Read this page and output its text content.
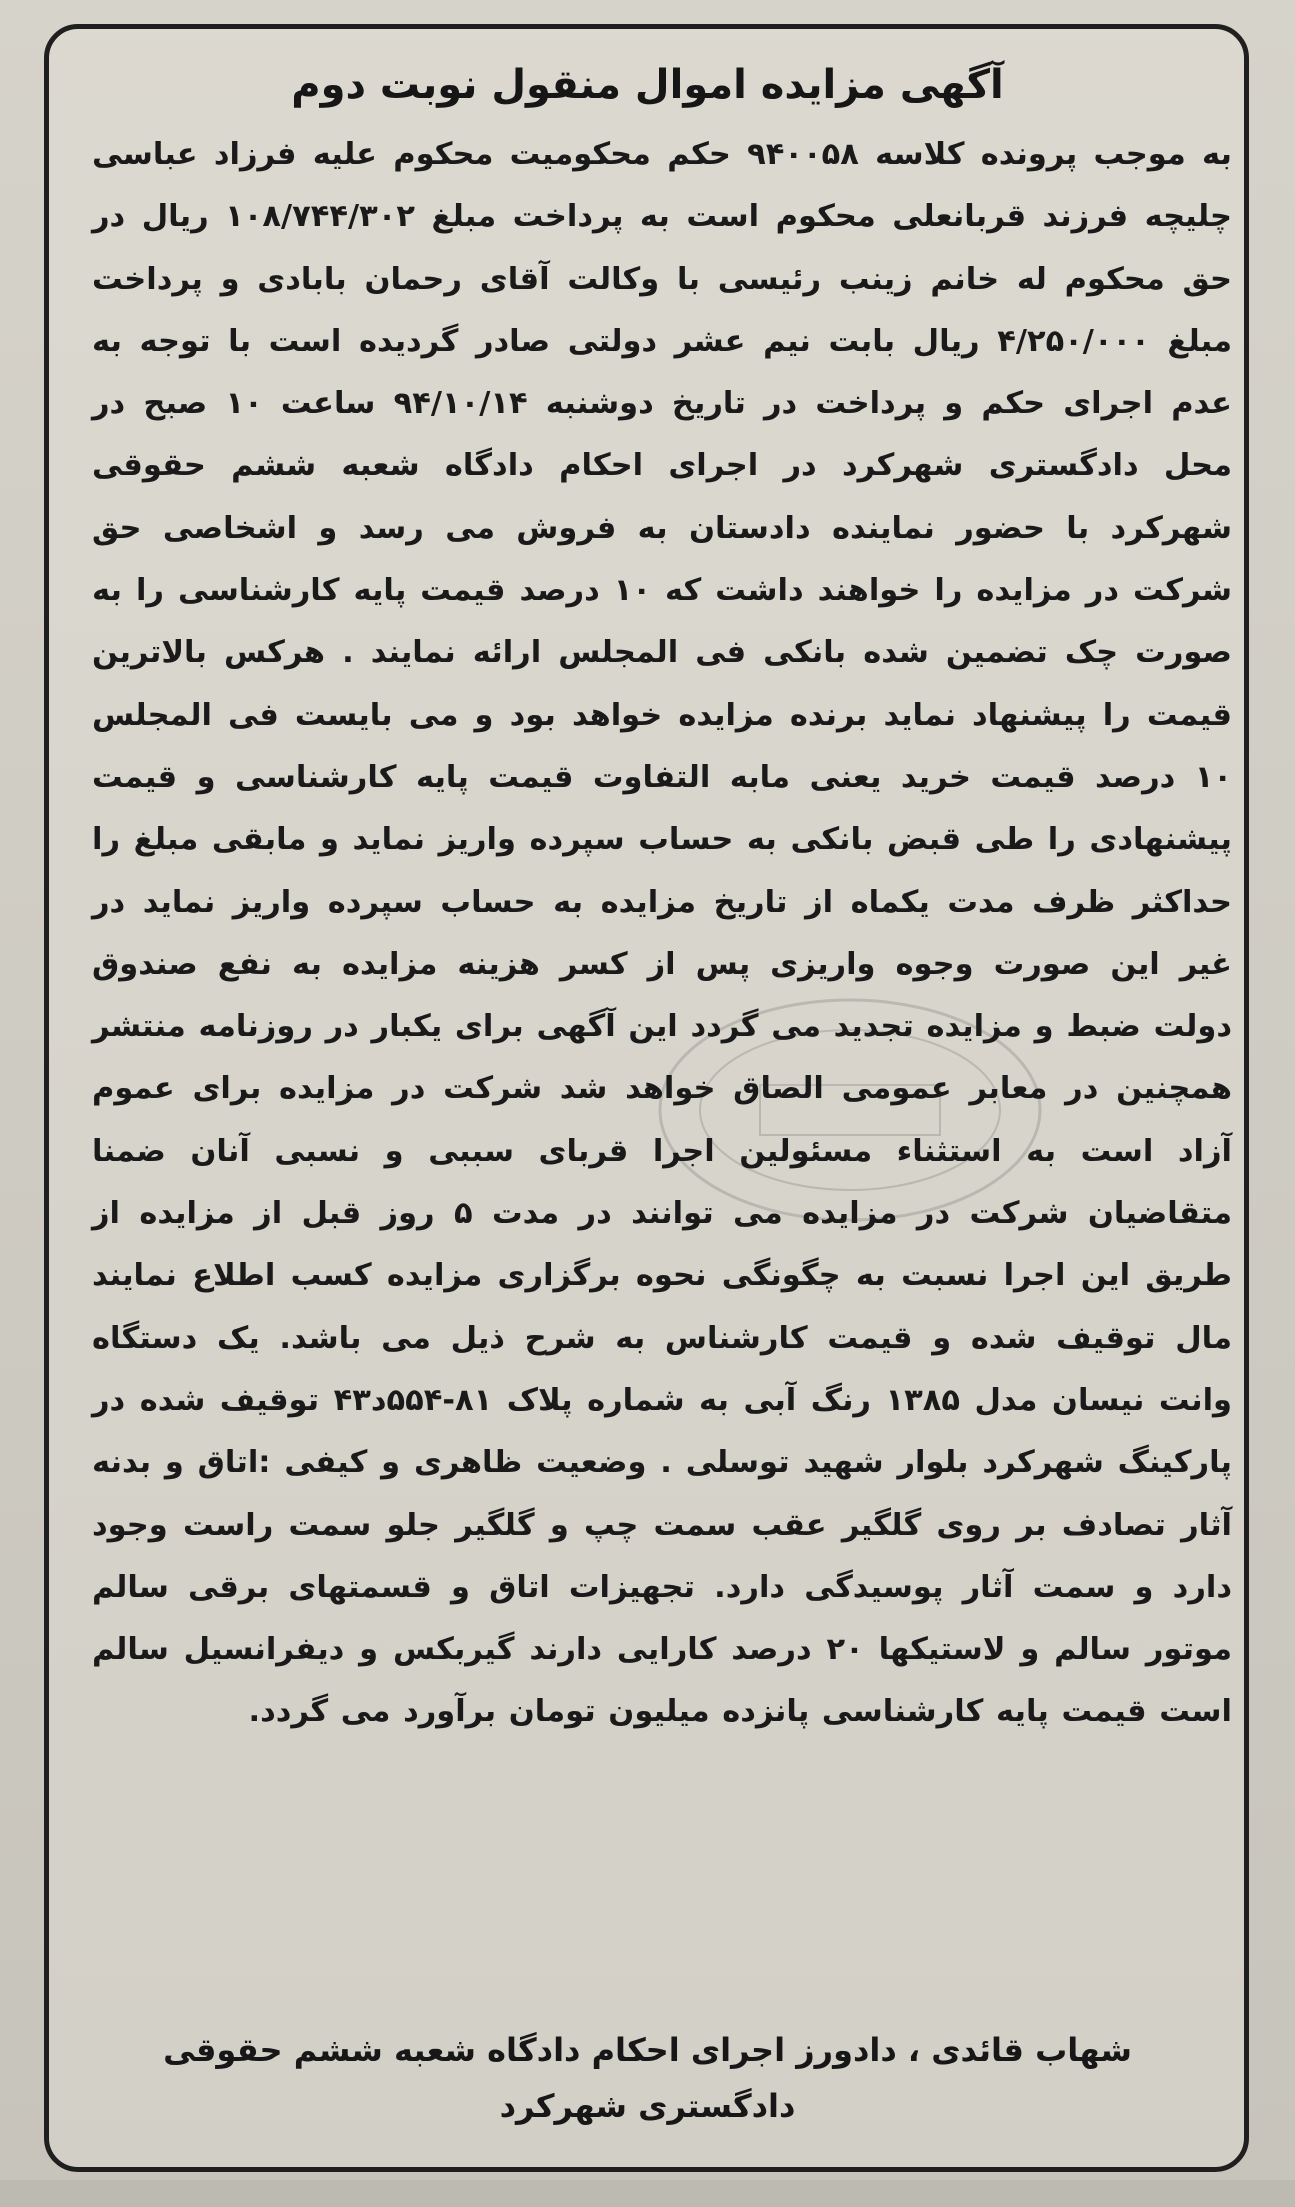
آگهی مزایده اموال منقول نوبت دوم
به موجب پرونده کلاسه ۹۴۰۰۵۸ حکم محکومیت محکوم علیه فرزاد عباسی چلیچه فرزند قربانعلی محکوم است به پرداخت مبلغ ۱۰۸/۷۴۴/۳۰۲ ریال در حق محکوم له خانم زینب رئیسی با وکالت آقای رحمان بابادی و پرداخت مبلغ ۴/۲۵۰/۰۰۰ ریال بابت نیم عشر دولتی صادر گردیده است با توجه به عدم اجرای حکم و پرداخت در تاریخ دوشنبه ۹۴/۱۰/۱۴ ساعت ۱۰ صبح در محل دادگستری شهرکرد در اجرای احکام دادگاه شعبه ششم حقوقی شهرکرد با حضور نماینده دادستان به فروش می رسد و اشخاصی حق شرکت در مزایده را خواهند داشت که ۱۰ درصد قیمت پایه کارشناسی را به صورت چک تضمین شده بانکی فی المجلس ارائه نمایند . هرکس بالاترین قیمت را پیشنهاد نماید برنده مزایده خواهد بود و می بایست فی المجلس ۱۰ درصد قیمت خرید یعنی مابه التفاوت قیمت پایه کارشناسی و قیمت پیشنهادی را طی قبض بانکی به حساب سپرده واریز نماید و مابقی مبلغ را حداکثر ظرف مدت یکماه از تاریخ مزایده به حساب سپرده واریز نماید در غیر این صورت وجوه واریزی پس از کسر هزینه مزایده به نفع صندوق دولت ضبط و مزایده تجدید می گردد این آگهی برای یکبار در روزنامه منتشر همچنین در معابر عمومی الصاق خواهد شد شرکت در مزایده برای عموم آزاد است به استثناء مسئولین اجرا قربای سببی و نسبی آنان ضمنا متقاضیان شرکت در مزایده می توانند در مدت ۵ روز قبل از مزایده از طریق این اجرا نسبت به چگونگی نحوه برگزاری مزایده کسب اطلاع نمایند مال توقیف شده و قیمت کارشناس به شرح ذیل می باشد. یک دستگاه وانت نیسان مدل ۱۳۸۵ رنگ آبی به شماره پلاک ۸۱-۵۵۴د۴۳ توقیف شده در پارکینگ شهرکرد بلوار شهید توسلی . وضعیت ظاهری و کیفی :اتاق و بدنه آثار تصادف بر روی گلگیر عقب سمت چپ و گلگیر جلو سمت راست وجود دارد و سمت آثار پوسیدگی دارد. تجهیزات اتاق و قسمتهای برقی سالم موتور سالم و لاستیکها ۲۰ درصد کارایی دارند گیربکس و دیفرانسیل سالم است قیمت پایه کارشناسی پانزده میلیون تومان برآورد می گردد.
شهاب قائدی ، دادورز اجرای احکام دادگاه شعبه ششم حقوقی
دادگستری شهرکرد
